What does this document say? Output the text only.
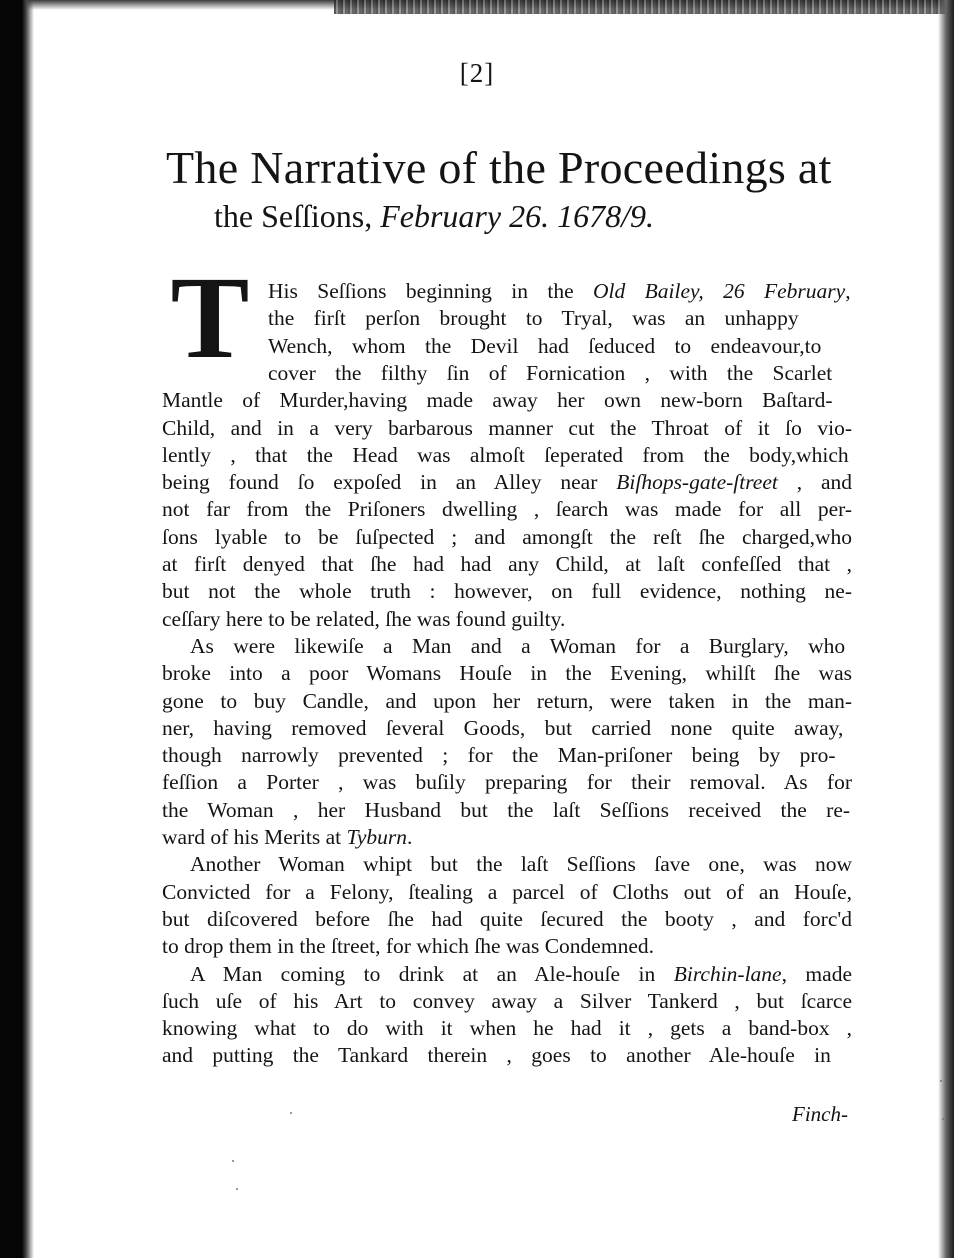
[2]
The Narrative of the Proceedings at
the Seſſions, February 26. 1678/9.
T His Seſſions beginning in the Old Bailey, 26 February,
the firſt perſon brought to Tryal, was an unhappy
Wench, whom the Devil had ſeduced to endeavour,to
cover the filthy ſin of Fornication , with the Scarlet
Mantle of Murder,having made away her own new-born Baſtard-
Child, and in a very barbarous manner cut the Throat of it ſo vio-
lently , that the Head was almoſt ſeperated from the body,which
being found ſo expoſed in an Alley near Biſhops-gate-ſtreet , and
not far from the Priſoners dwelling , ſearch was made for all per-
ſons lyable to be ſuſpected ; and amongſt the reſt ſhe charged,who
at firſt denyed that ſhe had had any Child, at laſt confeſſed that ,
but not the whole truth : however, on full evidence, nothing ne-
ceſſary here to be related, ſhe was found guilty.
As were likewiſe a Man and a Woman for a Burglary, who
broke into a poor Womans Houſe in the Evening, whilſt ſhe was
gone to buy Candle, and upon her return, were taken in the man-
ner, having removed ſeveral Goods, but carried none quite away,
though narrowly prevented ; for the Man-priſoner being by pro-
feſſion a Porter , was buſily preparing for their removal. As for
the Woman , her Husband but the laſt Seſſions received the re-
ward of his Merits at Tyburn.
Another Woman whipt but the laſt Seſſions ſave one, was now
Convicted for a Felony, ſtealing a parcel of Cloths out of an Houſe,
but diſcovered before ſhe had quite ſecured the booty , and forc'd
to drop them in the ſtreet, for which ſhe was Condemned.
A Man coming to drink at an Ale-houſe in Birchin-lane, made
ſuch uſe of his Art to convey away a Silver Tankerd , but ſcarce
knowing what to do with it when he had it , gets a band-box ,
and putting the Tankard therein , goes to another Ale-houſe in
Finch-
